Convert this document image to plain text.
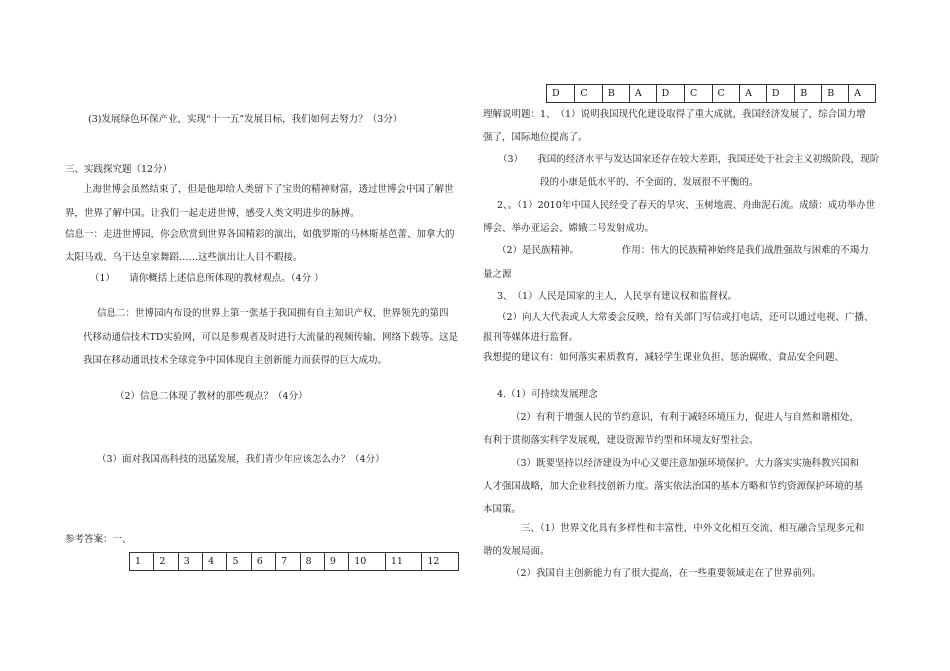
(3)发展绿色环保产业，实现“十一五”发展目标，我们如何去努力？（3分）
三、实践探究题（12分）
上海世博会虽然结束了，但是他却给人类留下了宝贵的精神财富，透过世博会中国了解世
界，世界了解中国。让我们一起走进世博，感受人类文明进步的脉搏。
信息一：走进世博园，你会欣赏到世界各国精彩的演出，如俄罗斯的马林斯基芭蕾、加拿大的
太阳马戏、乌干达皇家舞蹈……这些演出让人目不暇接。
（1）　　请你概括上述信息所体现的教材观点。（4分 ）
信息二：世博园内布设的世界上第一张基于我国拥有自主知识产权、世界领先的第四
代移动通信技术TD实验网，可以是参观者及时进行大流量的视频传输、网络下载等。这是
我国在移动通讯技术全球竞争中国体现自主创新能力而获得的巨大成功。
（2）信息二体现了教材的那些观点？（4分）
（3）面对我国高科技的迅猛发展，我们青少年应该怎么办？（4分）
参考答案：一、
1	2	3	4	5	6	7	8	9	10	11	12
D	C	B	A	D	C	C	A	D	B	B	A
理解说明题：1、　（1）说明我国现代化建设取得了重大成就，我国经济发展了，综合国力增
强了，国际地位提高了。
（3）　　我国的经济水平与发达国家还存在较大差距，我国还处于社会主义初级阶段，现阶
段的小康是低水平的、不全面的、发展很不平衡的。
2、。（1）2010年中国人民经受了春天的旱灾、玉树地震、舟曲泥石流。成绩：成功举办世
博会、举办亚运会、嫦娥二号发射成功。
（2）是民族精神。　　　　　作用：伟大的民族精神始终是我们战胜强敌与困难的不竭力
量之源
3、　（1）人民是国家的主人，人民享有建议权和监督权。
（2）向人大代表或人大常委会反映，给有关部门写信或打电话，还可以通过电视、广播、
报刊等媒体进行监督。
我想提的建议有：如何落实素质教育，减轻学生课业负担、惩治腐败、食品安全问题、
4.（1）可持续发展理念
（2）有利于增强人民的节约意识，有利于减轻环境压力，促进人与自然和谐相处，
有利于贯彻落实科学发展观，建设资源节约型和环境友好型社会。
（3）既要坚持以经济建设为中心又要注意加强环境保护。大力落实实施科教兴国和
人才强国战略，加大企业科技创新力度。落实依法治国的基本方略和节约资源保护环境的基
本国策。
三、（1）世界文化具有多样性和丰富性，中外文化相互交流、相互融合呈现多元和
谐的发展局面。
（2）我国自主创新能力有了很大提高，在一些重要领域走在了世界前列。
